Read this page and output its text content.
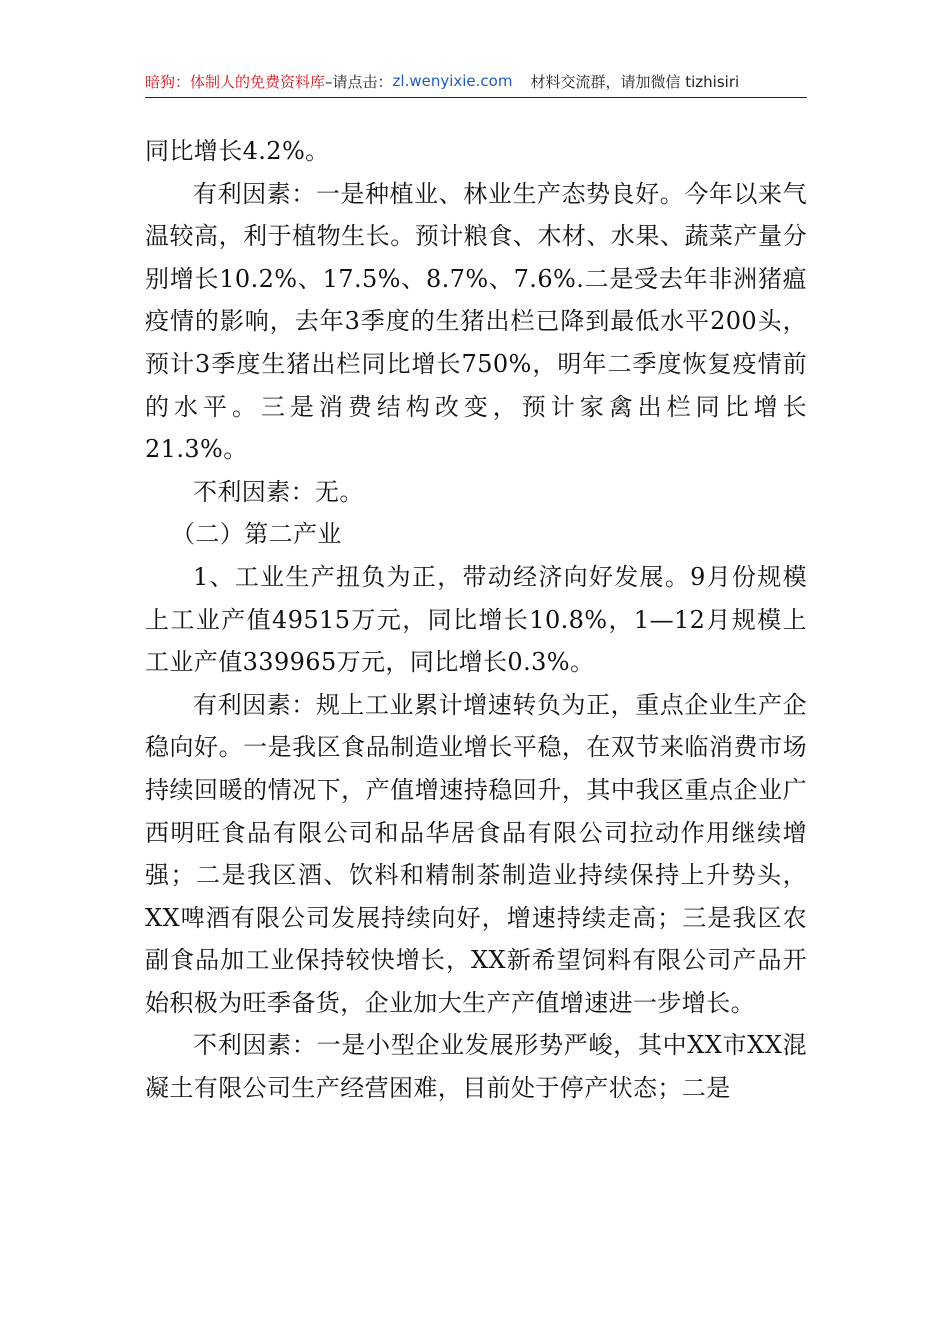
暗狗：体制人的免费资料库 –请点击： zl.wenyixie.com 材料交流群，请加微信 tizhisiri

同比增长4.2%。

有利因素：一是种植业、林业生产态势良好。今年以来气温较高，利于植物生长。预计粮食、木材、水果、蔬菜产量分别增长10.2%、17.5%、8.7%、7.6%.二是受去年非洲猪瘟疫情的影响，去年3季度的生猪出栏已降到最低水平200头，预计3季度生猪出栏同比增长750%，明年二季度恢复疫情前的水平。三是消费结构改变，预计家禽出栏同比增长21.3%。

不利因素：无。

（二）第二产业

1、工业生产扭负为正，带动经济向好发展。9月份规模上工业产值49515万元，同比增长10.8%，1—12月规模上工业产值339965万元，同比增长0.3%。

有利因素：规上工业累计增速转负为正，重点企业生产企稳向好。一是我区食品制造业增长平稳，在双节来临消费市场持续回暖的情况下，产值增速持稳回升，其中我区重点企业广西明旺食品有限公司和品华居食品有限公司拉动作用继续增强；二是我区酒、饮料和精制茶制造业持续保持上升势头，XX啤酒有限公司发展持续向好，增速持续走高；三是我区农副食品加工业保持较快增长，XX新希望饲料有限公司产品开始积极为旺季备货，企业加大生产产值增速进一步增长。

不利因素：一是小型企业发展形势严峻，其中XX市XX混凝土有限公司生产经营困难，目前处于停产状态；二是
